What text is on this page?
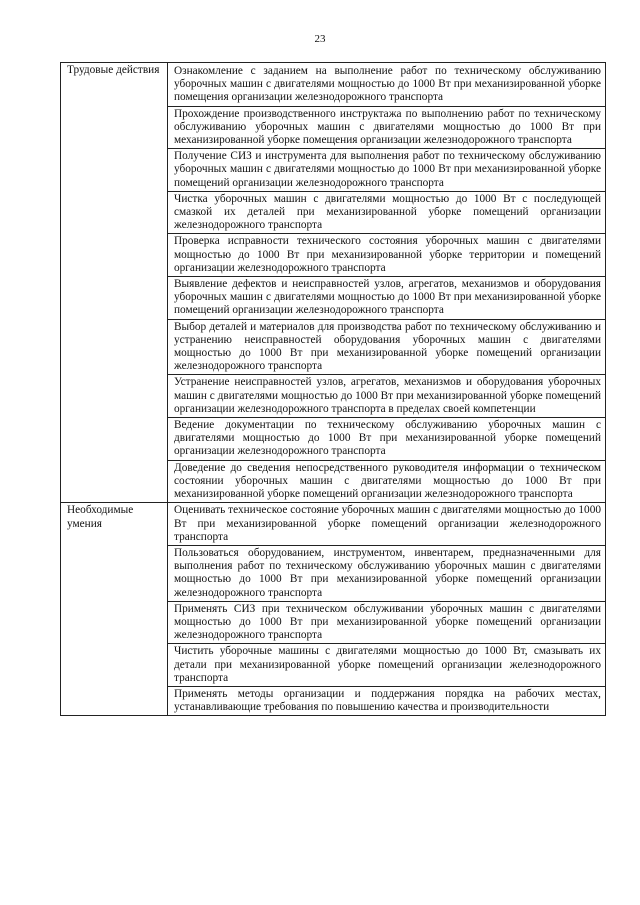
23
Трудовые действия	Ознакомление с заданием на выполнение работ по техническому обслуживанию уборочных машин с двигателями мощностью до 1000 Вт при механизированной уборке помещения организации железнодорожного транспорта
	Прохождение производственного инструктажа по выполнению работ по техническому обслуживанию уборочных машин с двигателями мощностью до 1000 Вт при механизированной уборке помещения организации железнодорожного транспорта
	Получение СИЗ и инструмента для выполнения работ по техническому обслуживанию уборочных машин с двигателями мощностью до 1000 Вт при механизированной уборке помещений организации железнодорожного транспорта
	Чистка уборочных машин с двигателями мощностью до 1000 Вт с последующей смазкой их деталей при механизированной уборке помещений организации железнодорожного транспорта
	Проверка исправности технического состояния уборочных машин с двигателями мощностью до 1000 Вт при механизированной уборке территории и помещений организации железнодорожного транспорта
	Выявление дефектов и неисправностей узлов, агрегатов, механизмов и оборудования уборочных машин с двигателями мощностью до 1000 Вт при механизированной уборке помещений организации железнодорожного транспорта
	Выбор деталей и материалов для производства работ по техническому обслуживанию и устранению неисправностей оборудования уборочных машин с двигателями мощностью до 1000 Вт при механизированной уборке помещений организации железнодорожного транспорта
	Устранение неисправностей узлов, агрегатов, механизмов и оборудования уборочных машин с двигателями мощностью до 1000 Вт при механизированной уборке помещений организации железнодорожного транспорта в пределах своей компетенции
	Ведение документации по техническому обслуживанию уборочных машин с двигателями мощностью до 1000 Вт при механизированной уборке помещений организации железнодорожного транспорта
	Доведение до сведения непосредственного руководителя информации о техническом состоянии уборочных машин с двигателями мощностью до 1000 Вт при механизированной уборке помещений организации железнодорожного транспорта
Необходимые умения	Оценивать техническое состояние уборочных машин с двигателями мощностью до 1000 Вт при механизированной уборке помещений организации железнодорожного транспорта
	Пользоваться оборудованием, инструментом, инвентарем, предназначенными для выполнения работ по техническому обслуживанию уборочных машин с двигателями мощностью до 1000 Вт при механизированной уборке помещений организации железнодорожного транспорта
	Применять СИЗ при техническом обслуживании уборочных машин с двигателями мощностью до 1000 Вт при механизированной уборке помещений организации железнодорожного транспорта
	Чистить уборочные машины с двигателями мощностью до 1000 Вт, смазывать их детали при механизированной уборке помещений организации железнодорожного транспорта
	Применять методы организации и поддержания порядка на рабочих местах, устанавливающие требования по повышению качества и производительности
